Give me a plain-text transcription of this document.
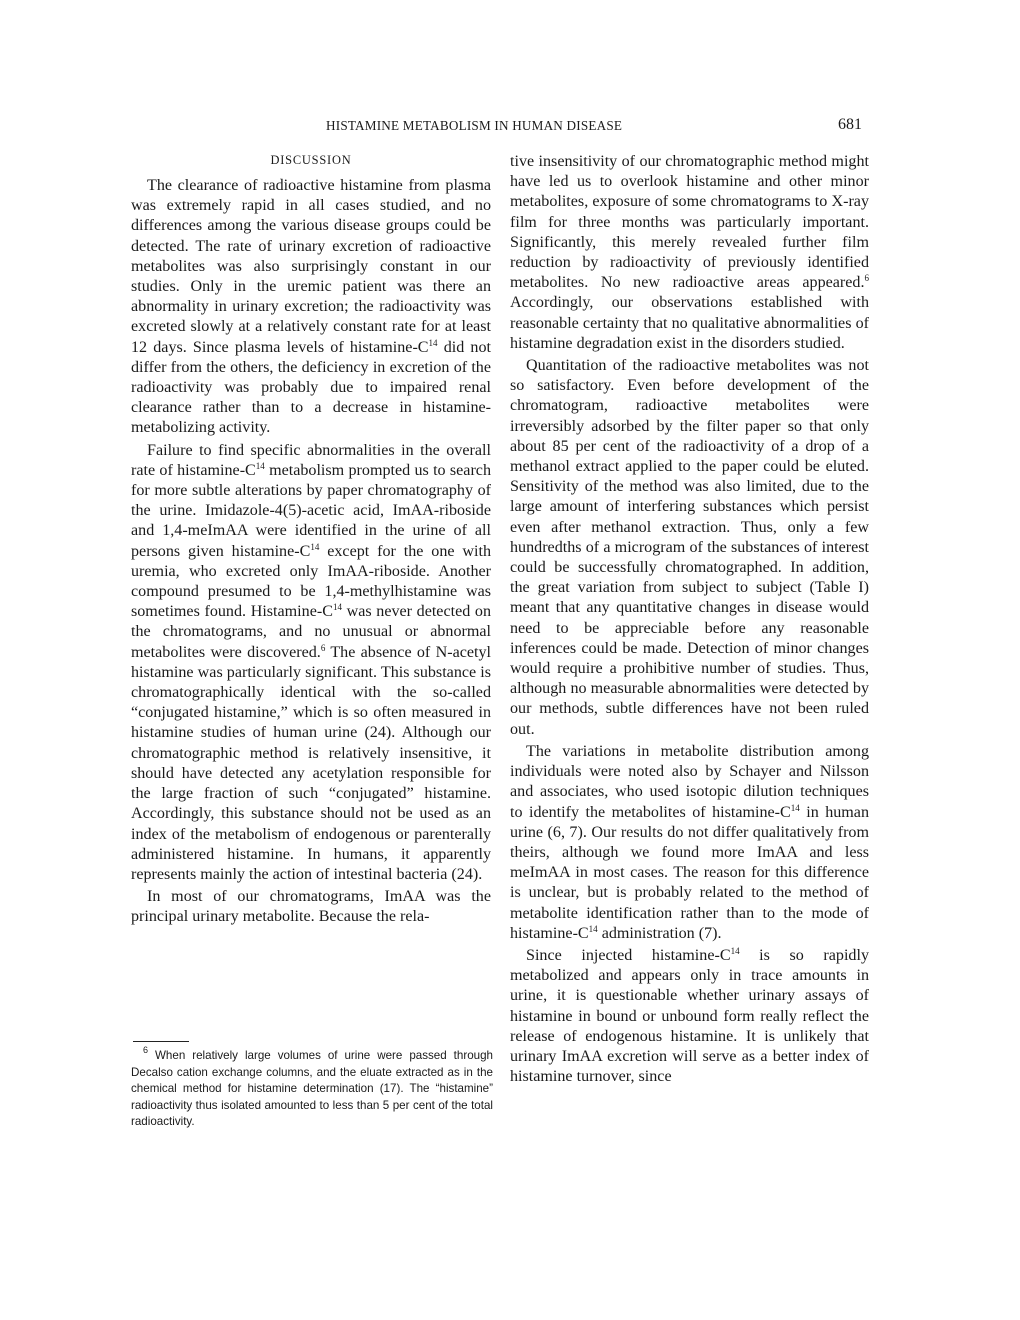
HISTAMINE METABOLISM IN HUMAN DISEASE	681
DISCUSSION

The clearance of radioactive histamine from plasma was extremely rapid in all cases studied, and no differences among the various disease groups could be detected. The rate of urinary excretion of radioactive metabolites was also surprisingly constant in our studies. Only in the uremic patient was there an abnormality in urinary excretion; the radioactivity was excreted slowly at a relatively constant rate for at least 12 days. Since plasma levels of histamine-$C^{14}$ did not differ from the others, the deficiency in excretion of the radioactivity was probably due to impaired renal clearance rather than to a decrease in histamine-metabolizing activity.

Failure to find specific abnormalities in the overall rate of histamine-$C^{14}$ metabolism prompted us to search for more subtle alterations by paper chromatography of the urine. Imidazole-4(5)-acetic acid, ImAA-riboside and 1,4-meImAA were identified in the urine of all persons given histamine-$C^{14}$ except for the one with uremia, who excreted only ImAA-riboside. Another compound presumed to be 1,4-methylhistamine was sometimes found. Histamine-$C^{14}$ was never detected on the chromatograms, and no unusual or abnormal metabolites were discovered.$^6$ The absence of N-acetyl histamine was particularly significant. This substance is chromatographically identical with the so-called “conjugated histamine,” which is so often measured in histamine studies of human urine (24). Although our chromatographic method is relatively insensitive, it should have detected any acetylation responsible for the large fraction of such “conjugated” histamine. Accordingly, this substance should not be used as an index of the metabolism of endogenous or parenterally administered histamine. In humans, it apparently represents mainly the action of intestinal bacteria (24).

In most of our chromatograms, ImAA was the principal urinary metabolite. Because the rela-

$^6$ When relatively large volumes of urine were passed through Decalso cation exchange columns, and the eluate extracted as in the chemical method for histamine determination (17). The “histamine” radioactivity thus isolated amounted to less than 5 per cent of the total radioactivity.

tive insensitivity of our chromatographic method might have led us to overlook histamine and other minor metabolites, exposure of some chromatograms to X-ray film for three months was particularly important. Significantly, this merely revealed further film reduction by radioactivity of previously identified metabolites. No new radioactive areas appeared.$^6$ Accordingly, our observations established with reasonable certainty that no qualitative abnormalities of histamine degradation exist in the disorders studied.

Quantitation of the radioactive metabolites was not so satisfactory. Even before development of the chromatogram, radioactive metabolites were irreversibly adsorbed by the filter paper so that only about 85 per cent of the radioactivity of a drop of a methanol extract applied to the paper could be eluted. Sensitivity of the method was also limited, due to the large amount of interfering substances which persist even after methanol extraction. Thus, only a few hundredths of a microgram of the substances of interest could be successfully chromatographed. In addition, the great variation from subject to subject (Table I) meant that any quantitative changes in disease would need to be appreciable before any reasonable inferences could be made. Detection of minor changes would require a prohibitive number of studies. Thus, although no measurable abnormalities were detected by our methods, subtle differences have not been ruled out.

The variations in metabolite distribution among individuals were noted also by Schayer and Nilsson and associates, who used isotopic dilution techniques to identify the metabolites of histamine-$C^{14}$ in human urine (6, 7). Our results do not differ qualitatively from theirs, although we found more ImAA and less meImAA in most cases. The reason for this difference is unclear, but is probably related to the method of metabolite identification rather than to the mode of histamine-$C^{14}$ administration (7).

Since injected histamine-$C^{14}$ is so rapidly metabolized and appears only in trace amounts in urine, it is questionable whether urinary assays of histamine in bound or unbound form really reflect the release of endogenous histamine. It is unlikely that urinary ImAA excretion will serve as a better index of histamine turnover, since
